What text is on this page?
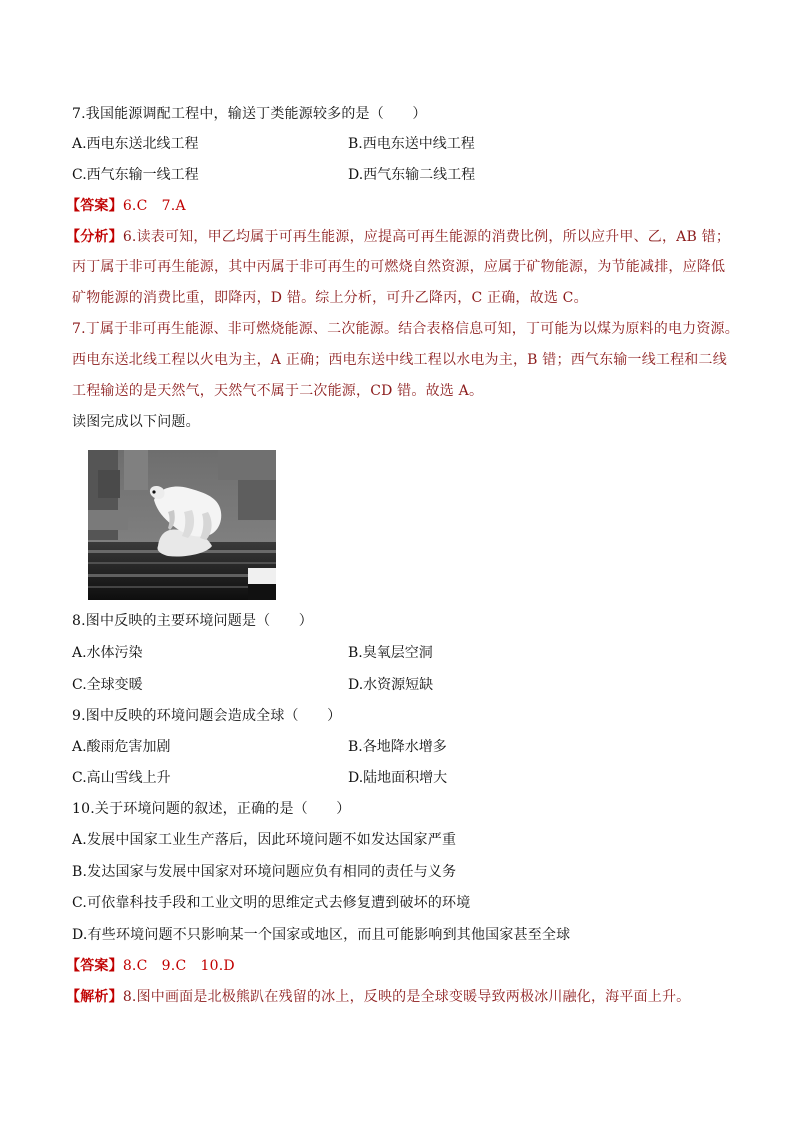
7.我国能源调配工程中，输送丁类能源较多的是（　　）
A.西电东送北线工程	B.西电东送中线工程
C.西气东输一线工程	D.西气东输二线工程
【答案】6.C　7.A
【分析】6.读表可知，甲乙均属于可再生能源，应提高可再生能源的消费比例，所以应升甲、乙，AB 错；
丙丁属于非可再生能源，其中丙属于非可再生的可燃烧自然资源，应属于矿物能源，为节能减排，应降低
矿物能源的消费比重，即降丙，D 错。综上分析，可升乙降丙，C 正确，故选 C。
7.丁属于非可再生能源、非可燃烧能源、二次能源。结合表格信息可知，丁可能为以煤为原料的电力资源。
西电东送北线工程以火电为主，A 正确；西电东送中线工程以水电为主，B 错；西气东输一线工程和二线
工程输送的是天然气，天然气不属于二次能源，CD 错。故选 A。
读图完成以下问题。
8.图中反映的主要环境问题是（　　）
A.水体污染	B.臭氧层空洞
C.全球变暖	D.水资源短缺
9.图中反映的环境问题会造成全球（　　）
A.酸雨危害加剧	B.各地降水增多
C.高山雪线上升	D.陆地面积增大
10.关于环境问题的叙述，正确的是（　　）
A.发展中国家工业生产落后，因此环境问题不如发达国家严重
B.发达国家与发展中国家对环境问题应负有相同的责任与义务
C.可依靠科技手段和工业文明的思维定式去修复遭到破坏的环境
D.有些环境问题不只影响某一个国家或地区，而且可能影响到其他国家甚至全球
【答案】8.C　9.C　10.D
【解析】8.图中画面是北极熊趴在残留的冰上，反映的是全球变暖导致两极冰川融化，海平面上升。
